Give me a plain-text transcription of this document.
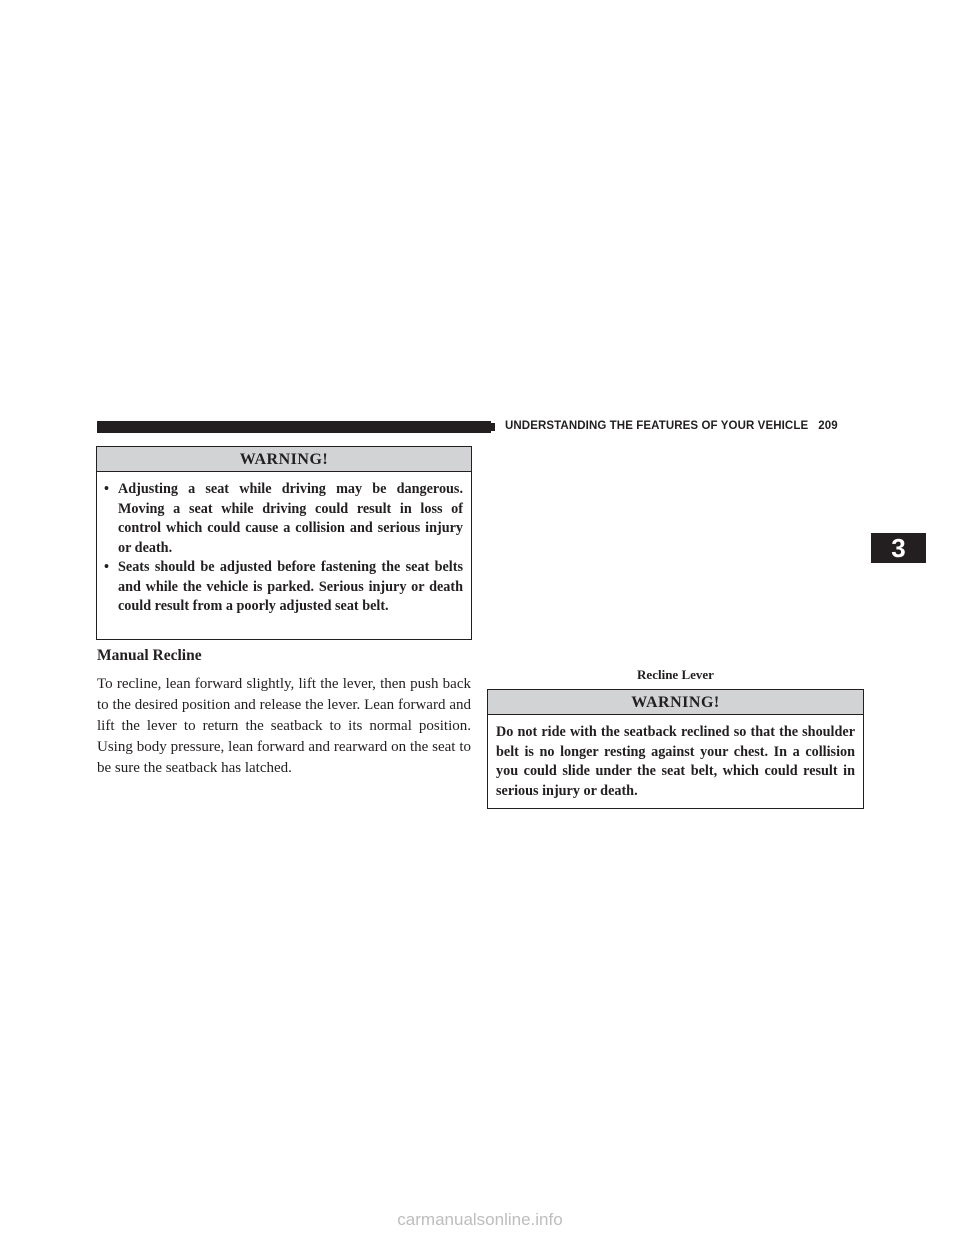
UNDERSTANDING THE FEATURES OF YOUR VEHICLE 209
3
WARNING!
• Adjusting a seat while driving may be dangerous. Moving a seat while driving could result in loss of control which could cause a collision and serious injury or death.
• Seats should be adjusted before fastening the seat belts and while the vehicle is parked. Serious injury or death could result from a poorly adjusted seat belt.
Manual Recline
To recline, lean forward slightly, lift the lever, then push back to the desired position and release the lever. Lean forward and lift the lever to return the seatback to its normal position. Using body pressure, lean forward and rearward on the seat to be sure the seatback has latched.
Recline Lever
WARNING!
Do not ride with the seatback reclined so that the shoulder belt is no longer resting against your chest. In a collision you could slide under the seat belt, which could result in serious injury or death.
carmanualsonline.info
